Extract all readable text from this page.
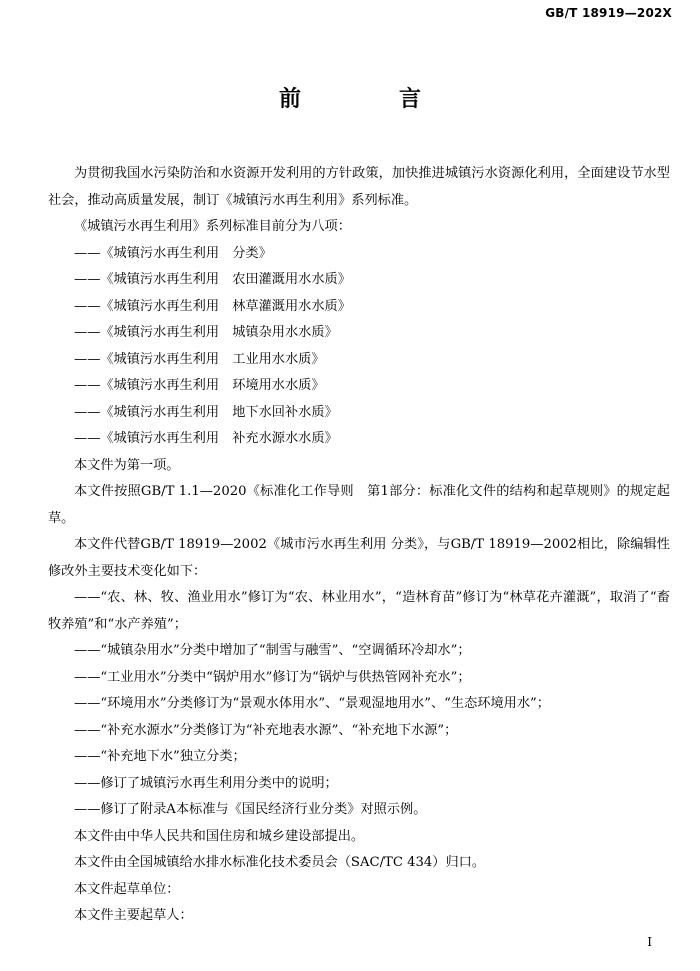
GB/T 18919—202X
前　言

为贯彻我国水污染防治和水资源开发利用的方针政策，加快推进城镇污水资源化利用，全面建设节水型社会，推动高质量发展，制订《城镇污水再生利用》系列标准。

《城镇污水再生利用》系列标准目前分为八项：

——《城镇污水再生利用　分类》

——《城镇污水再生利用　农田灌溉用水水质》

——《城镇污水再生利用　林草灌溉用水水质》

——《城镇污水再生利用　城镇杂用水水质》

——《城镇污水再生利用　工业用水水质》

——《城镇污水再生利用　环境用水水质》

——《城镇污水再生利用　地下水回补水质》

——《城镇污水再生利用　补充水源水水质》

本文件为第一项。

本文件按照GB/T 1.1—2020《标准化工作导则　第1部分：标准化文件的结构和起草规则》的规定起草。

本文件代替GB/T 18919—2002《城市污水再生利用 分类》，与GB/T 18919—2002相比，除编辑性修改外主要技术变化如下：

——“农、林、牧、渔业用水”修订为“农、林业用水”，“造林育苗”修订为“林草花卉灌溉”，取消了“畜牧养殖”和“水产养殖”；

——“城镇杂用水”分类中增加了“制雪与融雪”、“空调循环冷却水”；

——“工业用水”分类中“锅炉用水”修订为“锅炉与供热管网补充水”；

——“环境用水”分类修订为“景观水体用水”、“景观湿地用水”、“生态环境用水”；

——“补充水源水”分类修订为“补充地表水源”、“补充地下水源”；

——“补充地下水”独立分类；

——修订了城镇污水再生利用分类中的说明；

——修订了附录A本标准与《国民经济行业分类》对照示例。

本文件由中华人民共和国住房和城乡建设部提出。

本文件由全国城镇给水排水标准化技术委员会（SAC/TC 434）归口。

本文件起草单位：

本文件主要起草人：

I
